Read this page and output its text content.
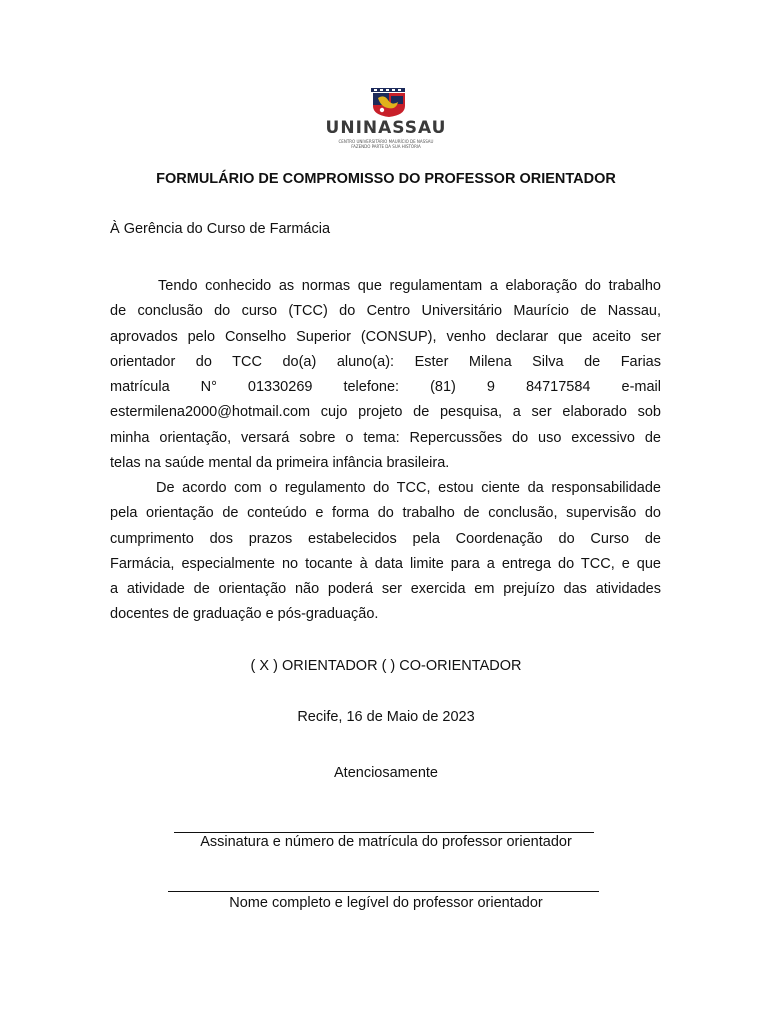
UNINASSAU
CENTRO UNIVERSITÁRIO MAURÍCIO DE NASSAU
FAZENDO PARTE DA SUA HISTÓRIA
FORMULÁRIO DE COMPROMISSO DO PROFESSOR ORIENTADOR
À Gerência do Curso de Farmácia
Tendo conhecido as normas que regulamentam a elaboração do trabalho
de conclusão do curso (TCC) do Centro Universitário Maurício de Nassau,
aprovados pelo Conselho Superior (CONSUP), venho declarar que aceito ser
orientador do TCC do(a) aluno(a): Ester Milena Silva de Farias
matrícula N° 01330269 telefone: (81) 9 84717584 e-mail
estermilena2000@hotmail.com cujo projeto de pesquisa, a ser elaborado sob
minha orientação, versará sobre o tema: Repercussões do uso excessivo de
telas na saúde mental da primeira infância brasileira.
De acordo com o regulamento do TCC, estou ciente da responsabilidade
pela orientação de conteúdo e forma do trabalho de conclusão, supervisão do
cumprimento dos prazos estabelecidos pela Coordenação do Curso de
Farmácia, especialmente no tocante à data limite para a entrega do TCC, e que
a atividade de orientação não poderá ser exercida em prejuízo das atividades
docentes de graduação e pós-graduação.
( X ) ORIENTADOR ( ) CO-ORIENTADOR
Recife, 16 de Maio de 2023
Atenciosamente
Assinatura e número de matrícula do professor orientador
Nome completo e legível do professor orientador
